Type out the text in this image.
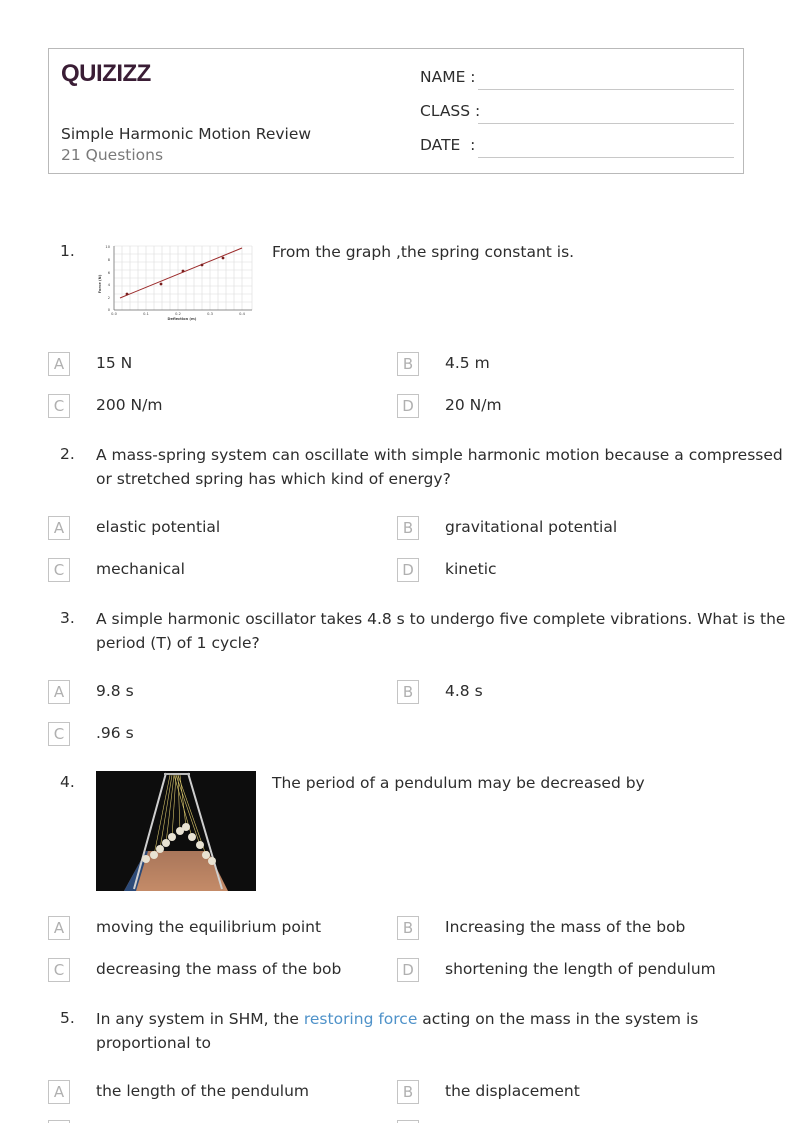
QUIZIZZ
Simple Harmonic Motion Review
21 Questions
NAME :
CLASS :
DATE  :
1.	10
8
6
4
2
0
0.0	0.1	0.2	0.3	0.4
Deflection (m)
Force (N)
From the graph ,the spring constant is.
A	15 N	B	4.5 m
C	200 N/m	D	20 N/m
2. A mass-spring system can oscillate with simple harmonic motion because a compressed
or stretched spring has which kind of energy?
A	elastic potential	B	gravitational potential
C	mechanical	D	kinetic
3. A simple harmonic oscillator takes 4.8 s to undergo five complete vibrations. What is the
period (T) of 1 cycle?
A	9.8 s	B	4.8 s
C	.96 s
4.	The period of a pendulum may be decreased by
A	moving the equilibrium point	B	Increasing the mass of the bob
C	decreasing the mass of the bob	D	shortening the length of pendulum
5. In any system in SHM, the restoring force acting on the mass in the system is
proportional to
A	the length of the pendulum	B	the displacement
